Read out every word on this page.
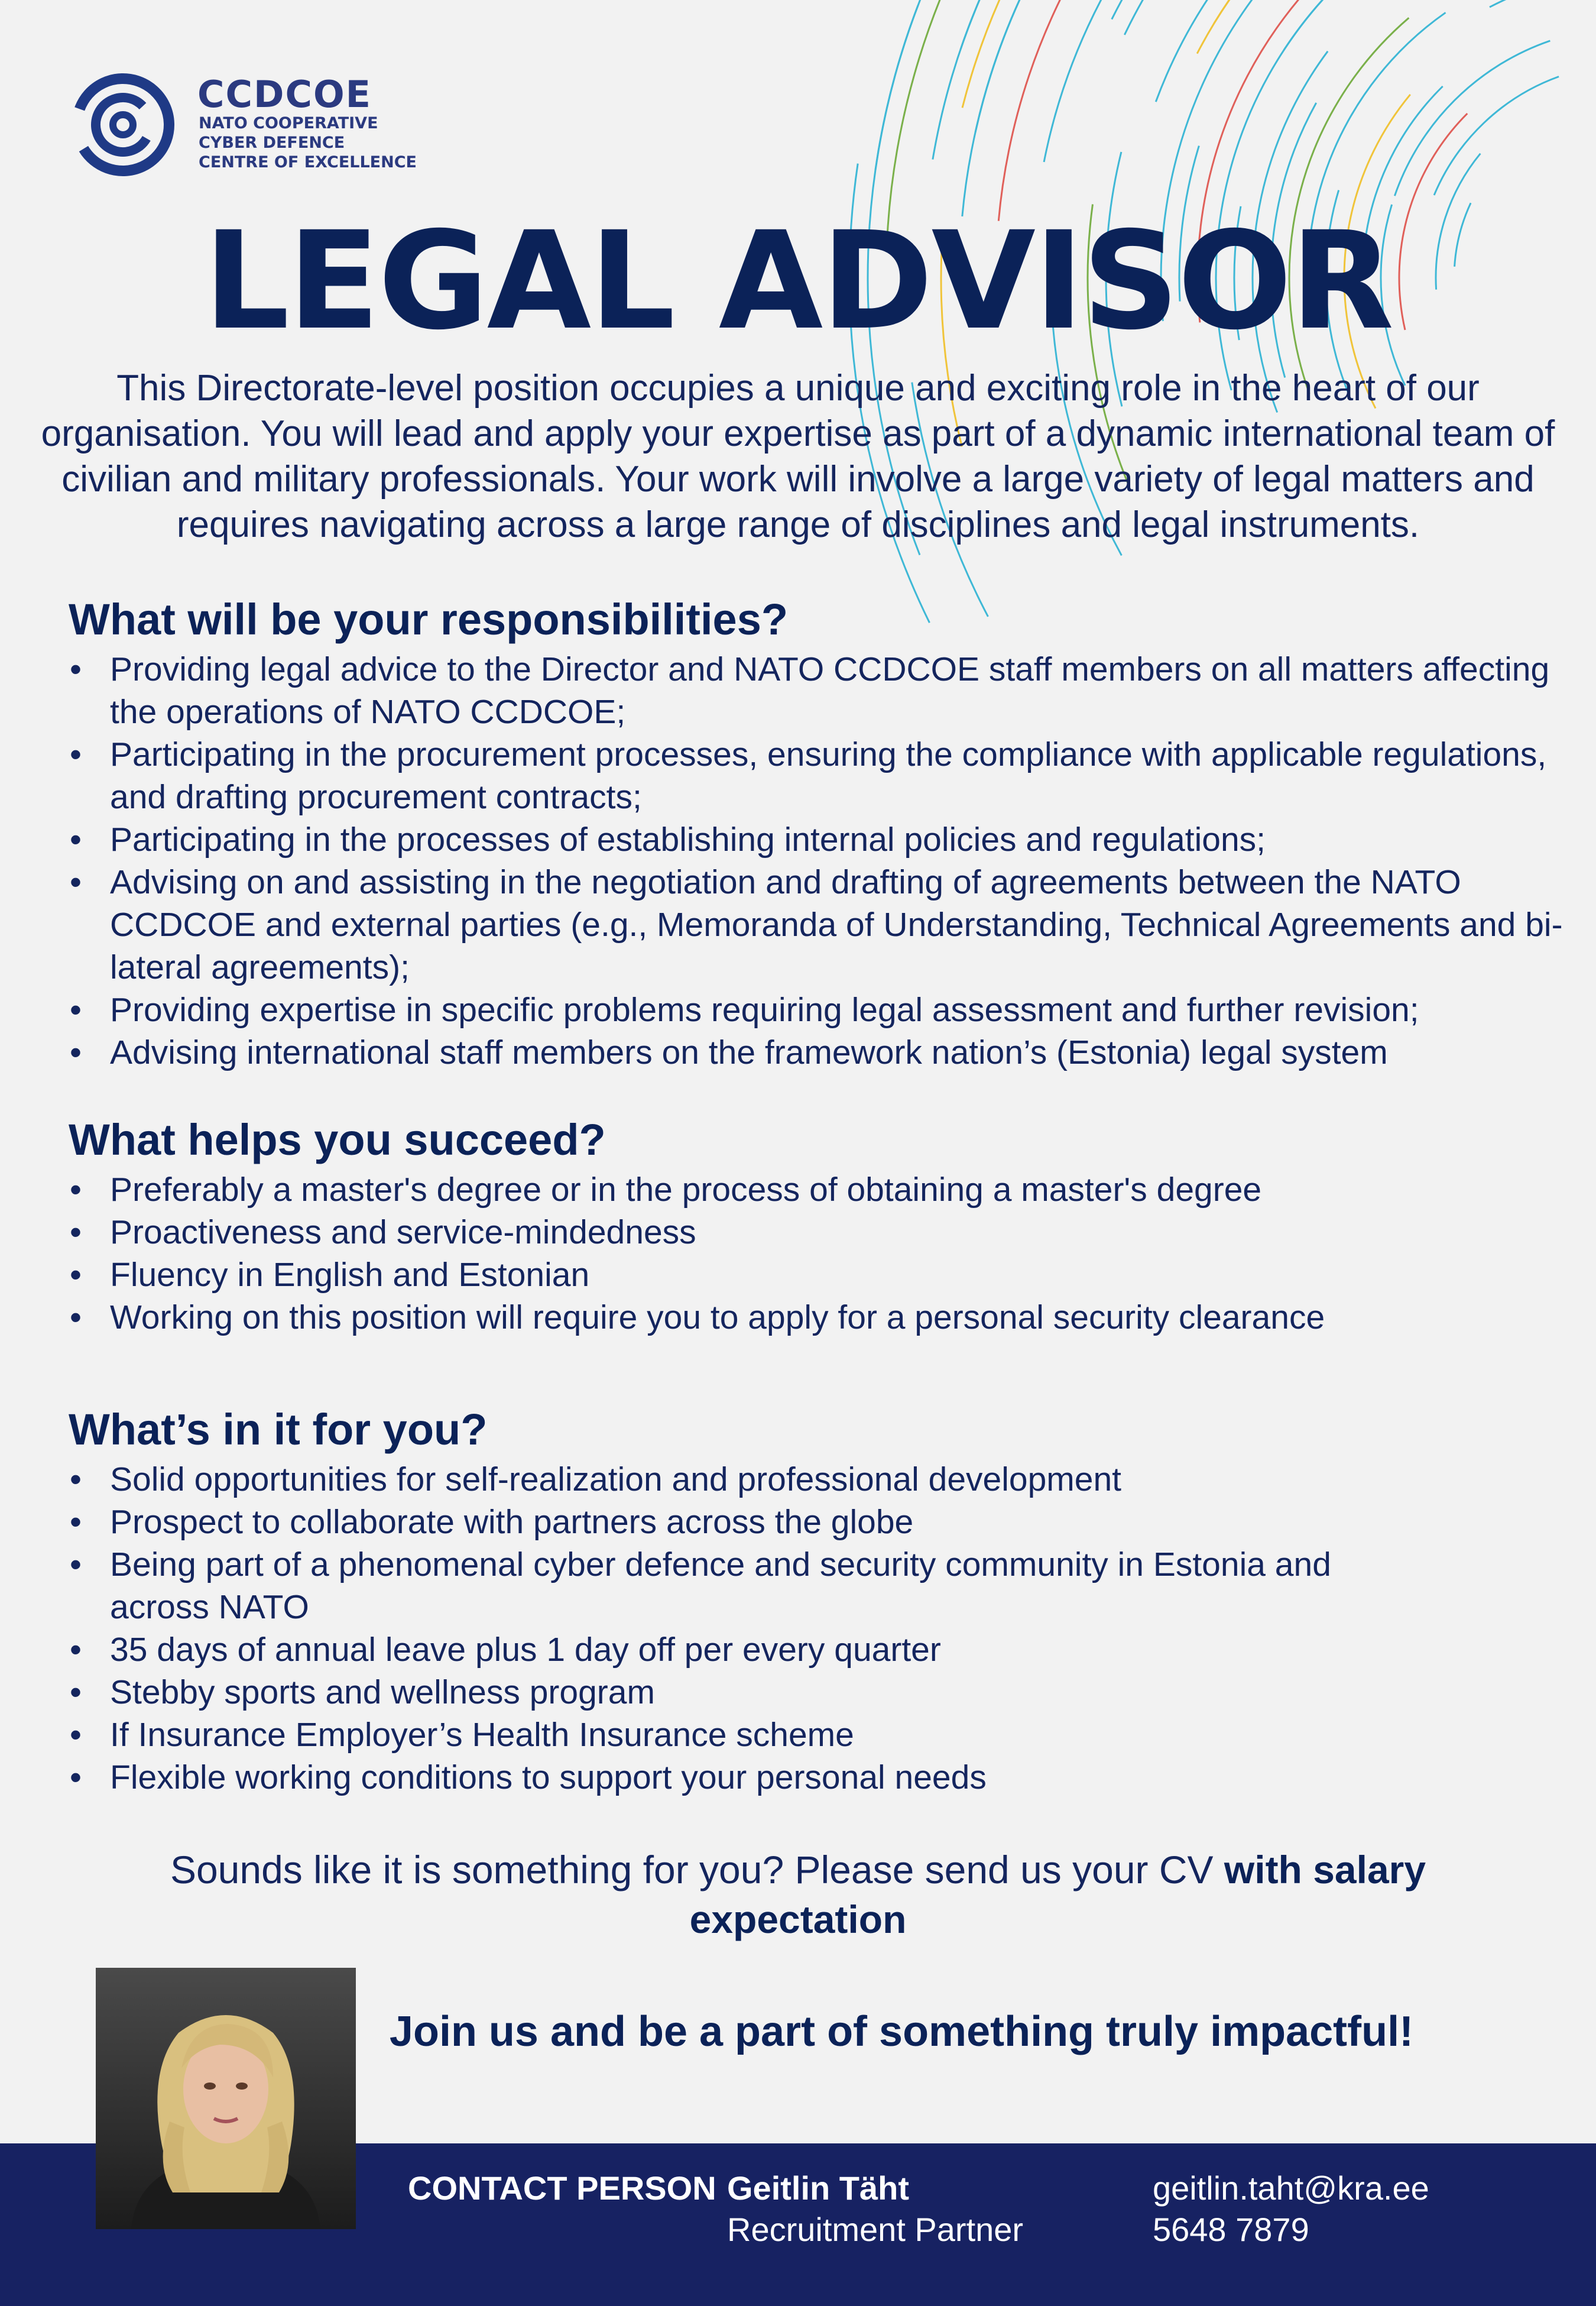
CCDCOE
NATO COOPERATIVE
CYBER DEFENCE
CENTRE OF EXCELLENCE
LEGAL ADVISOR
This Directorate-level position occupies a unique and exciting role in the heart of our organisation. You will lead and apply your expertise as part of a dynamic international team of civilian and military professionals. Your work will involve a large variety of legal matters and requires navigating across a large range of disciplines and legal instruments.
What will be your responsibilities?
• Providing legal advice to the Director and NATO CCDCOE staff members on all matters affecting the operations of NATO CCDCOE;
• Participating in the procurement processes, ensuring the compliance with applicable regulations, and drafting procurement contracts;
• Participating in the processes of establishing internal policies and regulations;
• Advising on and assisting in the negotiation and drafting of agreements between the NATO CCDCOE and external parties (e.g., Memoranda of Understanding, Technical Agreements and bi-lateral agreements);
• Providing expertise in specific problems requiring legal assessment and further revision;
• Advising international staff members on the framework nation’s (Estonia) legal system
What helps you succeed?
• Preferably a master's degree or in the process of obtaining a master's degree
• Proactiveness and service-mindedness
• Fluency in English and Estonian
• Working on this position will require you to apply for a personal security clearance
What’s in it for you?
• Solid opportunities for self-realization and professional development
• Prospect to collaborate with partners across the globe
• Being part of a phenomenal cyber defence and security community in Estonia and across NATO
• 35 days of annual leave plus 1 day off per every quarter
• Stebby sports and wellness program
• If Insurance Employer’s Health Insurance scheme
• Flexible working conditions to support your personal needs
Sounds like it is something for you? Please send us your CV with salary expectation
Join us and be a part of something truly impactful!
CONTACT PERSON Geitlin Täht
Recruitment Partner
geitlin.taht@kra.ee
5648 7879
